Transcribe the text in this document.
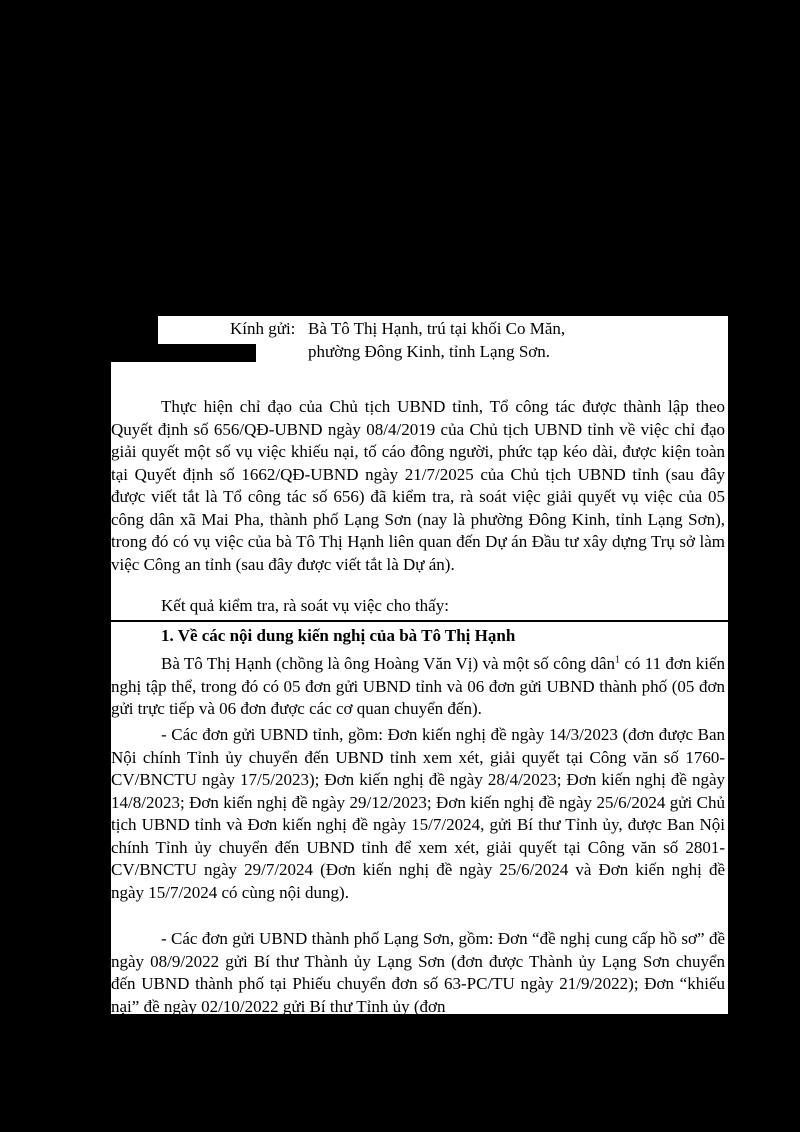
Kính gửi: Bà Tô Thị Hạnh, trú tại khối Co Măn,
phường Đông Kinh, tỉnh Lạng Sơn.
Thực hiện chỉ đạo của Chủ tịch UBND tỉnh, Tổ công tác được thành lập theo Quyết định số 656/QĐ-UBND ngày 08/4/2019 của Chủ tịch UBND tỉnh về việc chỉ đạo giải quyết một số vụ việc khiếu nại, tố cáo đông người, phức tạp kéo dài, được kiện toàn tại Quyết định số 1662/QĐ-UBND ngày 21/7/2025 của Chủ tịch UBND tỉnh (sau đây được viết tắt là Tổ công tác số 656) đã kiểm tra, rà soát việc giải quyết vụ việc của 05 công dân xã Mai Pha, thành phố Lạng Sơn (nay là phường Đông Kinh, tỉnh Lạng Sơn), trong đó có vụ việc của bà Tô Thị Hạnh liên quan đến Dự án Đầu tư xây dựng Trụ sở làm việc Công an tỉnh (sau đây được viết tắt là Dự án).
Kết quả kiểm tra, rà soát vụ việc cho thấy:
1. Về các nội dung kiến nghị của bà Tô Thị Hạnh
Bà Tô Thị Hạnh (chồng là ông Hoàng Văn Vị) và một số công dân$^1$ có 11 đơn kiến nghị tập thể, trong đó có 05 đơn gửi UBND tỉnh và 06 đơn gửi UBND thành phố (05 đơn gửi trực tiếp và 06 đơn được các cơ quan chuyển đến).
- Các đơn gửi UBND tỉnh, gồm: Đơn kiến nghị đề ngày 14/3/2023 (đơn được Ban Nội chính Tỉnh ủy chuyển đến UBND tỉnh xem xét, giải quyết tại Công văn số 1760-CV/BNCTU ngày 17/5/2023); Đơn kiến nghị đề ngày 28/4/2023; Đơn kiến nghị đề ngày 14/8/2023; Đơn kiến nghị đề ngày 29/12/2023; Đơn kiến nghị đề ngày 25/6/2024 gửi Chủ tịch UBND tỉnh và Đơn kiến nghị đề ngày 15/7/2024, gửi Bí thư Tỉnh ủy, được Ban Nội chính Tỉnh ủy chuyển đến UBND tỉnh để xem xét, giải quyết tại Công văn số 2801-CV/BNCTU ngày 29/7/2024 (Đơn kiến nghị đề ngày 25/6/2024 và Đơn kiến nghị đề ngày 15/7/2024 có cùng nội dung).
- Các đơn gửi UBND thành phố Lạng Sơn, gồm: Đơn “đề nghị cung cấp hồ sơ” đề ngày 08/9/2022 gửi Bí thư Thành ủy Lạng Sơn (đơn được Thành ủy Lạng Sơn chuyển đến UBND thành phố tại Phiếu chuyển đơn số 63-PC/TU ngày 21/9/2022); Đơn “khiếu nại” đề ngày 02/10/2022 gửi Bí thư Tỉnh ủy (đơn
